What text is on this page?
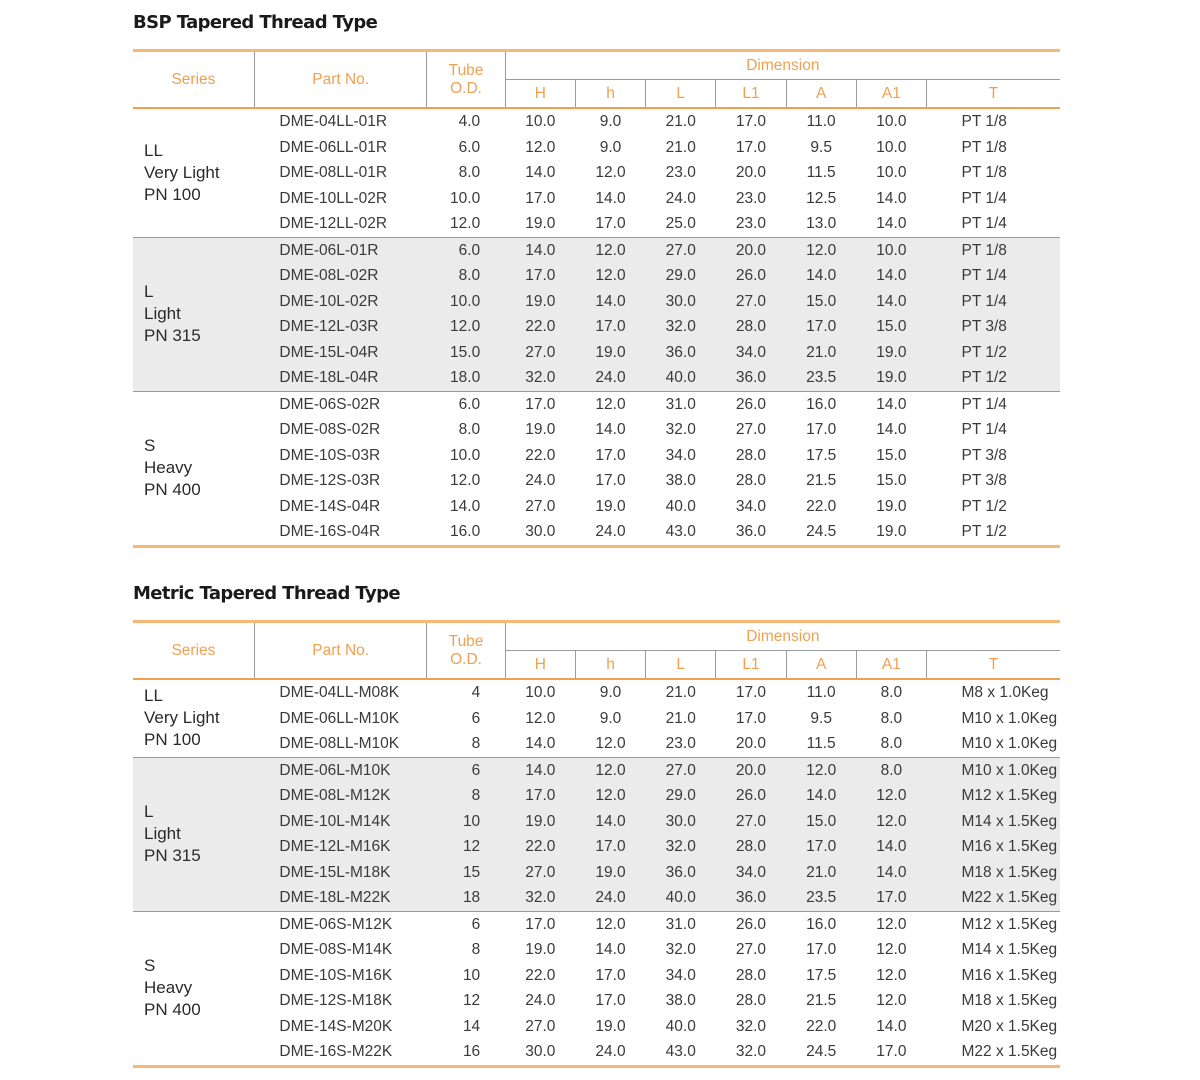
BSP Tapered Thread Type
Series	Part No.	Tube
O.D.	Dimension						
			H	h	L	L1	A	A1	T

LL
Very Light
PN 100	DME-04LL-01R	4.0	10.0	9.0	21.0	17.0	11.0	10.0	PT 1/8
	DME-06LL-01R	6.0	12.0	9.0	21.0	17.0	9.5	10.0	PT 1/8
	DME-08LL-01R	8.0	14.0	12.0	23.0	20.0	11.5	10.0	PT 1/8
	DME-10LL-02R	10.0	17.0	14.0	24.0	23.0	12.5	14.0	PT 1/4
	DME-12LL-02R	12.0	19.0	17.0	25.0	23.0	13.0	14.0	PT 1/4

L
Light
PN 315	DME-06L-01R	6.0	14.0	12.0	27.0	20.0	12.0	10.0	PT 1/8
	DME-08L-02R	8.0	17.0	12.0	29.0	26.0	14.0	14.0	PT 1/4
	DME-10L-02R	10.0	19.0	14.0	30.0	27.0	15.0	14.0	PT 1/4
	DME-12L-03R	12.0	22.0	17.0	32.0	28.0	17.0	15.0	PT 3/8
	DME-15L-04R	15.0	27.0	19.0	36.0	34.0	21.0	19.0	PT 1/2
	DME-18L-04R	18.0	32.0	24.0	40.0	36.0	23.5	19.0	PT 1/2

S
Heavy
PN 400	DME-06S-02R	6.0	17.0	12.0	31.0	26.0	16.0	14.0	PT 1/4
	DME-08S-02R	8.0	19.0	14.0	32.0	27.0	17.0	14.0	PT 1/4
	DME-10S-03R	10.0	22.0	17.0	34.0	28.0	17.5	15.0	PT 3/8
	DME-12S-03R	12.0	24.0	17.0	38.0	28.0	21.5	15.0	PT 3/8
	DME-14S-04R	14.0	27.0	19.0	40.0	34.0	22.0	19.0	PT 1/2
	DME-16S-04R	16.0	30.0	24.0	43.0	36.0	24.5	19.0	PT 1/2
Metric Tapered Thread Type
Series	Part No.	Tube
O.D.	Dimension						
			H	h	L	L1	A	A1	T

LL
Very Light
PN 100	DME-04LL-M08K	4	10.0	9.0	21.0	17.0	11.0	8.0	M8 x 1.0Keg
	DME-06LL-M10K	6	12.0	9.0	21.0	17.0	9.5	8.0	M10 x 1.0Keg
	DME-08LL-M10K	8	14.0	12.0	23.0	20.0	11.5	8.0	M10 x 1.0Keg

L
Light
PN 315	DME-06L-M10K	6	14.0	12.0	27.0	20.0	12.0	8.0	M10 x 1.0Keg
	DME-08L-M12K	8	17.0	12.0	29.0	26.0	14.0	12.0	M12 x 1.5Keg
	DME-10L-M14K	10	19.0	14.0	30.0	27.0	15.0	12.0	M14 x 1.5Keg
	DME-12L-M16K	12	22.0	17.0	32.0	28.0	17.0	14.0	M16 x 1.5Keg
	DME-15L-M18K	15	27.0	19.0	36.0	34.0	21.0	14.0	M18 x 1.5Keg
	DME-18L-M22K	18	32.0	24.0	40.0	36.0	23.5	17.0	M22 x 1.5Keg

S
Heavy
PN 400	DME-06S-M12K	6	17.0	12.0	31.0	26.0	16.0	12.0	M12 x 1.5Keg
	DME-08S-M14K	8	19.0	14.0	32.0	27.0	17.0	12.0	M14 x 1.5Keg
	DME-10S-M16K	10	22.0	17.0	34.0	28.0	17.5	12.0	M16 x 1.5Keg
	DME-12S-M18K	12	24.0	17.0	38.0	28.0	21.5	12.0	M18 x 1.5Keg
	DME-14S-M20K	14	27.0	19.0	40.0	32.0	22.0	14.0	M20 x 1.5Keg
	DME-16S-M22K	16	30.0	24.0	43.0	32.0	24.5	17.0	M22 x 1.5Keg
